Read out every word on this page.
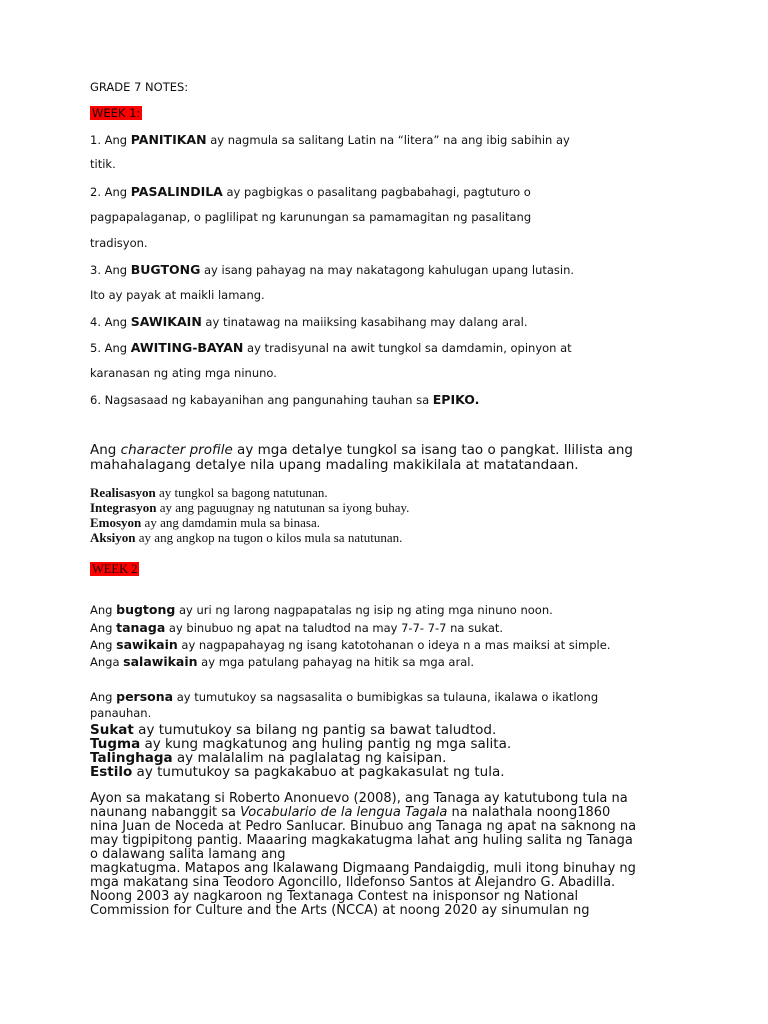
GRADE 7 NOTES:
WEEK 1:
1. Ang PANITIKAN ay nagmula sa salitang Latin na “litera” na ang ibig sabihin ay
titik.
2. Ang PASALINDILA ay pagbigkas o pasalitang pagbabahagi, pagtuturo o
pagpapalaganap, o paglilipat ng karunungan sa pamamagitan ng pasalitang
tradisyon.
3. Ang BUGTONG ay isang pahayag na may nakatagong kahulugan upang lutasin.
Ito ay payak at maikli lamang.
4. Ang SAWIKAIN ay tinatawag na maiiksing kasabihang may dalang aral.
5. Ang AWITING-BAYAN ay tradisyunal na awit tungkol sa damdamin, opinyon at
karanasan ng ating mga ninuno.
6. Nagsasaad ng kabayanihan ang pangunahing tauhan sa EPIKO.
Ang character profile ay mga detalye tungkol sa isang tao o pangkat. Ililista ang
mahahalagang detalye nila upang madaling makikilala at matatandaan.
Realisasyon ay tungkol sa bagong natutunan.
Integrasyon ay ang paguugnay ng natutunan sa iyong buhay.
Emosyon ay ang damdamin mula sa binasa.
Aksiyon ay ang angkop na tugon o kilos mula sa natutunan.
WEEK 2
Ang bugtong ay uri ng larong nagpapatalas ng isip ng ating mga ninuno noon.
Ang tanaga ay binubuo ng apat na taludtod na may 7-7- 7-7 na sukat.
Ang sawikain ay nagpapahayag ng isang katotohanan o ideya n a mas maiksi at simple.
Anga salawikain ay mga patulang pahayag na hitik sa mga aral.
Ang persona ay tumutukoy sa nagsasalita o bumibigkas sa tulauna, ikalawa o ikatlong
panauhan.
Sukat ay tumutukoy sa bilang ng pantig sa bawat taludtod.
Tugma ay kung magkatunog ang huling pantig ng mga salita.
Talinghaga ay malalalim na paglalatag ng kaisipan.
Estilo ay tumutukoy sa pagkakabuo at pagkakasulat ng tula.
Ayon sa makatang si Roberto Anonuevo (2008), ang Tanaga ay katutubong tula na
naunang nabanggit sa Vocabulario de la lengua Tagala na nalathala noong1860
nina Juan de Noceda at Pedro Sanlucar. Binubuo ang Tanaga ng apat na saknong na
may tigpipitong pantig. Maaaring magkakatugma lahat ang huling salita ng Tanaga
o dalawang salita lamang ang
magkatugma. Matapos ang Ikalawang Digmaang Pandaigdig, muli itong binuhay ng
mga makatang sina Teodoro Agoncillo, Ildefonso Santos at Alejandro G. Abadilla.
Noong 2003 ay nagkaroon ng Textanaga Contest na inisponsor ng National
Commission for Culture and the Arts (NCCA) at noong 2020 ay sinumulan ng
